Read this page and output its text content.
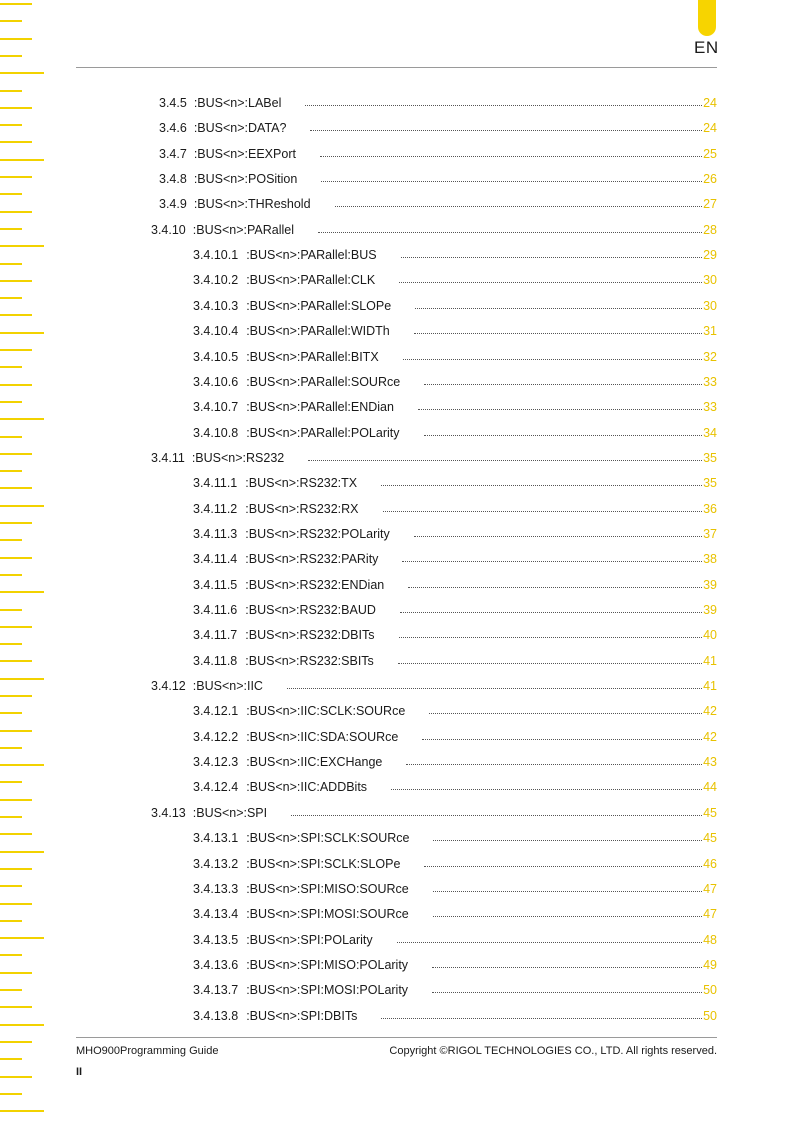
EN
3.4.5 :BUS<n>:LABel	24
3.4.6 :BUS<n>:DATA?	24
3.4.7 :BUS<n>:EEXPort	25
3.4.8 :BUS<n>:POSition	26
3.4.9 :BUS<n>:THReshold	27
3.4.10 :BUS<n>:PARallel	28
3.4.10.1 :BUS<n>:PARallel:BUS	29
3.4.10.2 :BUS<n>:PARallel:CLK	30
3.4.10.3 :BUS<n>:PARallel:SLOPe	30
3.4.10.4 :BUS<n>:PARallel:WIDTh	31
3.4.10.5 :BUS<n>:PARallel:BITX	32
3.4.10.6 :BUS<n>:PARallel:SOURce	33
3.4.10.7 :BUS<n>:PARallel:ENDian	33
3.4.10.8 :BUS<n>:PARallel:POLarity	34
3.4.11 :BUS<n>:RS232	35
3.4.11.1 :BUS<n>:RS232:TX	35
3.4.11.2 :BUS<n>:RS232:RX	36
3.4.11.3 :BUS<n>:RS232:POLarity	37
3.4.11.4 :BUS<n>:RS232:PARity	38
3.4.11.5 :BUS<n>:RS232:ENDian	39
3.4.11.6 :BUS<n>:RS232:BAUD	39
3.4.11.7 :BUS<n>:RS232:DBITs	40
3.4.11.8 :BUS<n>:RS232:SBITs	41
3.4.12 :BUS<n>:IIC	41
3.4.12.1 :BUS<n>:IIC:SCLK:SOURce	42
3.4.12.2 :BUS<n>:IIC:SDA:SOURce	42
3.4.12.3 :BUS<n>:IIC:EXCHange	43
3.4.12.4 :BUS<n>:IIC:ADDBits	44
3.4.13 :BUS<n>:SPI	45
3.4.13.1 :BUS<n>:SPI:SCLK:SOURce	45
3.4.13.2 :BUS<n>:SPI:SCLK:SLOPe	46
3.4.13.3 :BUS<n>:SPI:MISO:SOURce	47
3.4.13.4 :BUS<n>:SPI:MOSI:SOURce	47
3.4.13.5 :BUS<n>:SPI:POLarity	48
3.4.13.6 :BUS<n>:SPI:MISO:POLarity	49
3.4.13.7 :BUS<n>:SPI:MOSI:POLarity	50
3.4.13.8 :BUS<n>:SPI:DBITs	50
MHO900Programming Guide	Copyright ©RIGOL TECHNOLOGIES CO., LTD. All rights reserved.
II
